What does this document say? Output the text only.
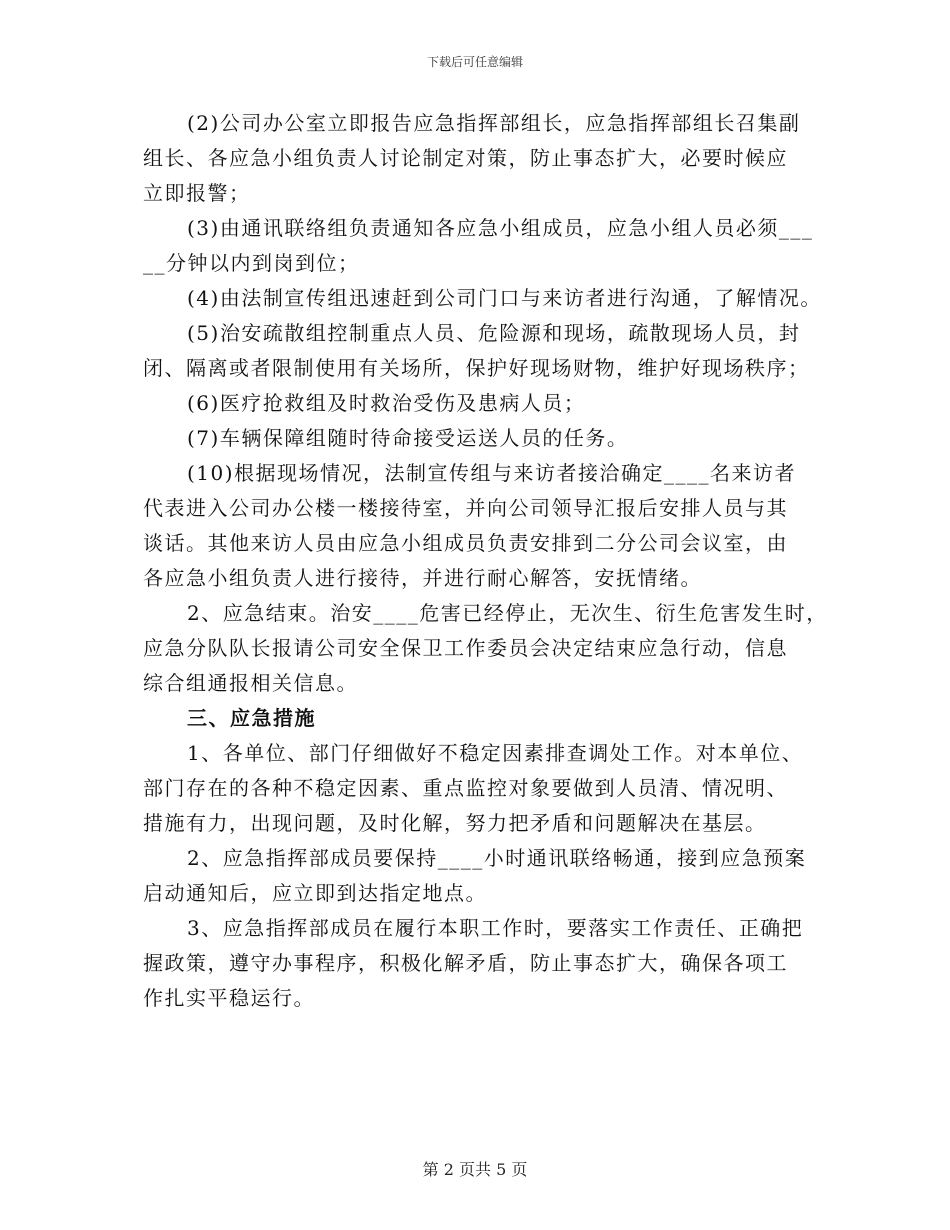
下载后可任意编辑
(2)公司办公室立即报告应急指挥部组长，应急指挥部组长召集副
组长、各应急小组负责人讨论制定对策，防止事态扩大，必要时候应
立即报警；
(3)由通讯联络组负责通知各应急小组成员，应急小组人员必须___
__分钟以内到岗到位；
(4)由法制宣传组迅速赶到公司门口与来访者进行沟通，了解情况。
(5)治安疏散组控制重点人员、危险源和现场，疏散现场人员，封
闭、隔离或者限制使用有关场所，保护好现场财物，维护好现场秩序；
(6)医疗抢救组及时救治受伤及患病人员；
(7)车辆保障组随时待命接受运送人员的任务。
(10)根据现场情况，法制宣传组与来访者接洽确定____名来访者
代表进入公司办公楼一楼接待室，并向公司领导汇报后安排人员与其
谈话。其他来访人员由应急小组成员负责安排到二分公司会议室，由
各应急小组负责人进行接待，并进行耐心解答，安抚情绪。
2、应急结束。治安____危害已经停止，无次生、衍生危害发生时，
应急分队队长报请公司安全保卫工作委员会决定结束应急行动，信息
综合组通报相关信息。
三、应急措施
1、各单位、部门仔细做好不稳定因素排查调处工作。对本单位、
部门存在的各种不稳定因素、重点监控对象要做到人员清、情况明、
措施有力，出现问题，及时化解，努力把矛盾和问题解决在基层。
2、应急指挥部成员要保持____小时通讯联络畅通，接到应急预案
启动通知后，应立即到达指定地点。
3、应急指挥部成员在履行本职工作时，要落实工作责任、正确把
握政策，遵守办事程序，积极化解矛盾，防止事态扩大，确保各项工
作扎实平稳运行。
第 2 页共 5 页
